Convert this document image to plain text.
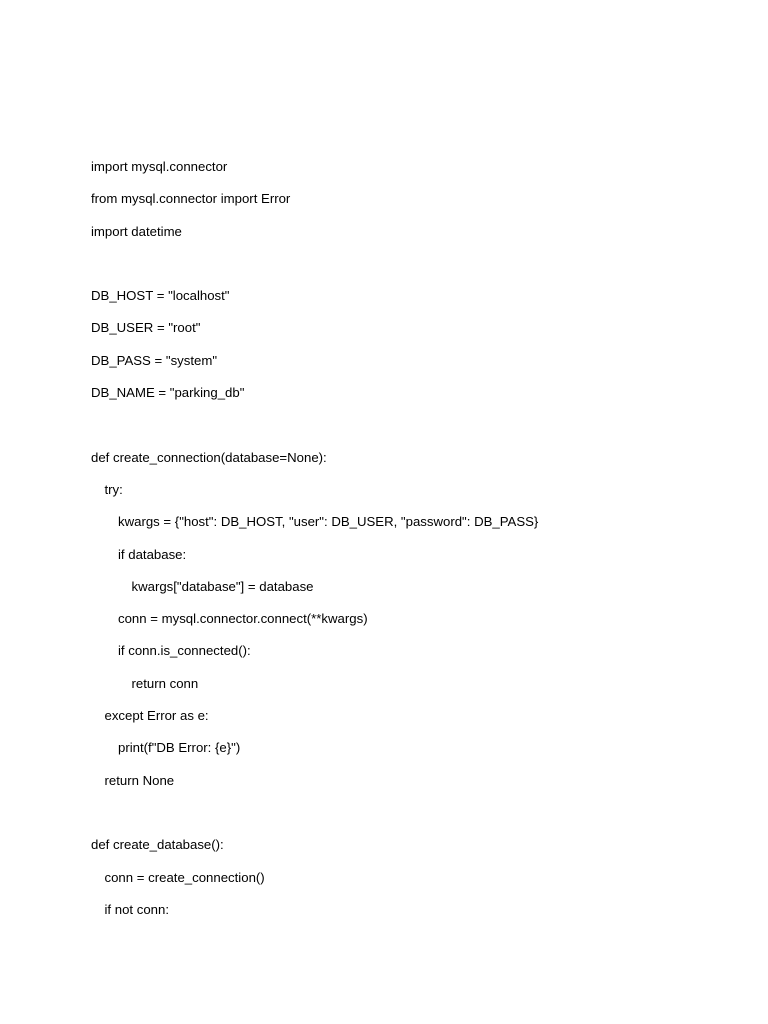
import mysql.connector
from mysql.connector import Error
import datetime
DB_HOST = "localhost"
DB_USER = "root"
DB_PASS = "system"
DB_NAME = "parking_db"
def create_connection(database=None):
try:
kwargs = {"host": DB_HOST, "user": DB_USER, "password": DB_PASS}
if database:
kwargs["database"] = database
conn = mysql.connector.connect(**kwargs)
if conn.is_connected():
return conn
except Error as e:
print(f"DB Error: {e}")
return None
def create_database():
conn = create_connection()
if not conn:
